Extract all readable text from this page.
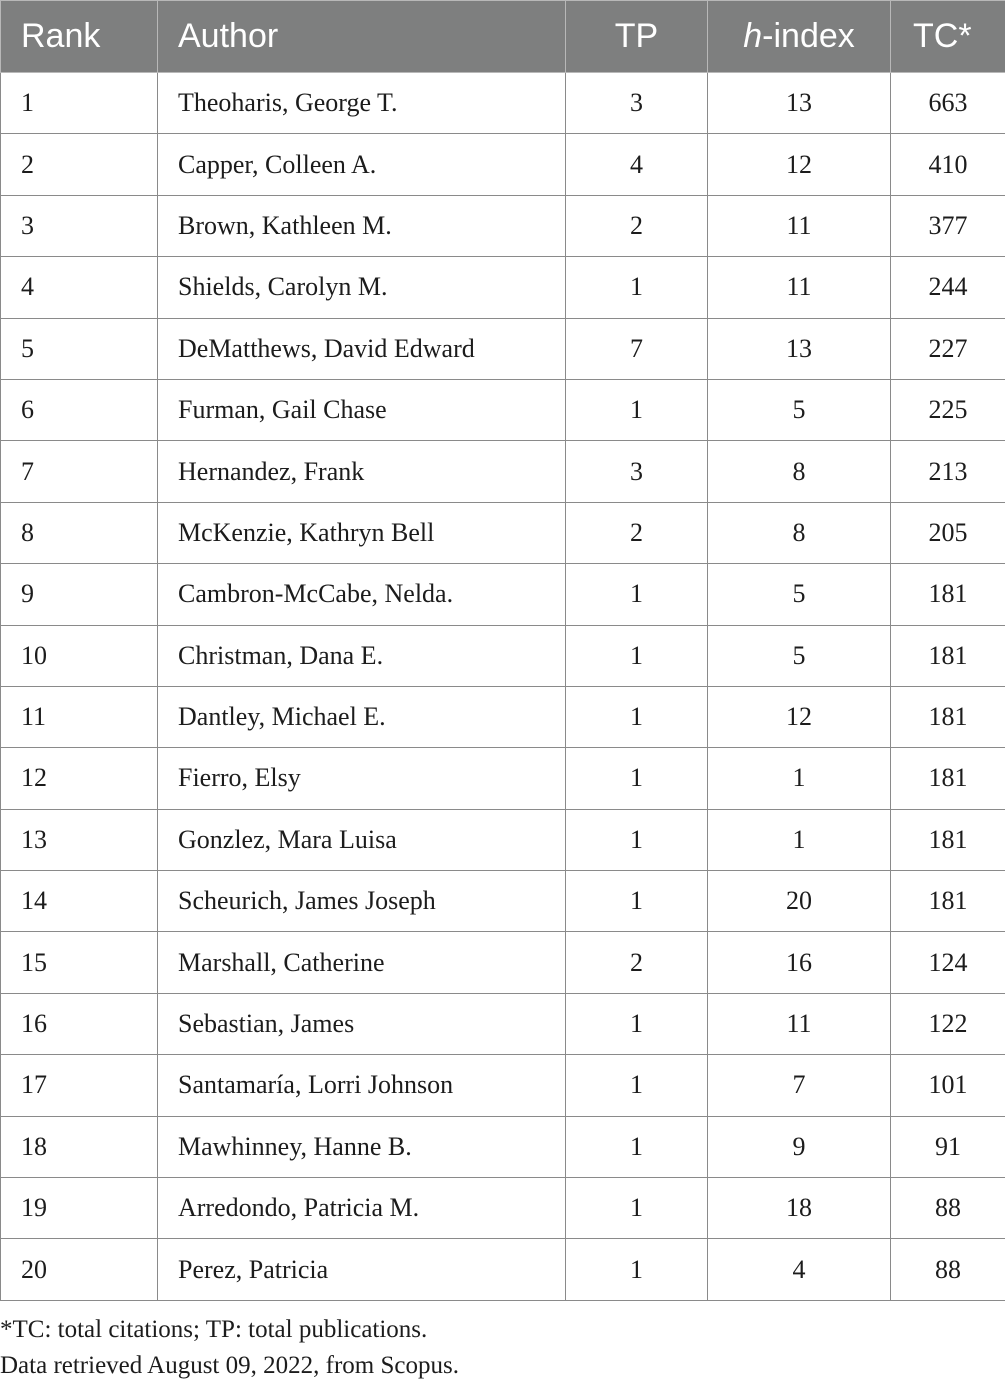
Rank	Author	TP	h-index	TC*
1	Theoharis, George T.	3	13	663
2	Capper, Colleen A.	4	12	410
3	Brown, Kathleen M.	2	11	377
4	Shields, Carolyn M.	1	11	244
5	DeMatthews, David Edward	7	13	227
6	Furman, Gail Chase	1	5	225
7	Hernandez, Frank	3	8	213
8	McKenzie, Kathryn Bell	2	8	205
9	Cambron-McCabe, Nelda.	1	5	181
10	Christman, Dana E.	1	5	181
11	Dantley, Michael E.	1	12	181
12	Fierro, Elsy	1	1	181
13	Gonzlez, Mara Luisa	1	1	181
14	Scheurich, James Joseph	1	20	181
15	Marshall, Catherine	2	16	124
16	Sebastian, James	1	11	122
17	Santamaría, Lorri Johnson	1	7	101
18	Mawhinney, Hanne B.	1	9	91
19	Arredondo, Patricia M.	1	18	88
20	Perez, Patricia	1	4	88
*TC: total citations; TP: total publications.
Data retrieved August 09, 2022, from Scopus.
